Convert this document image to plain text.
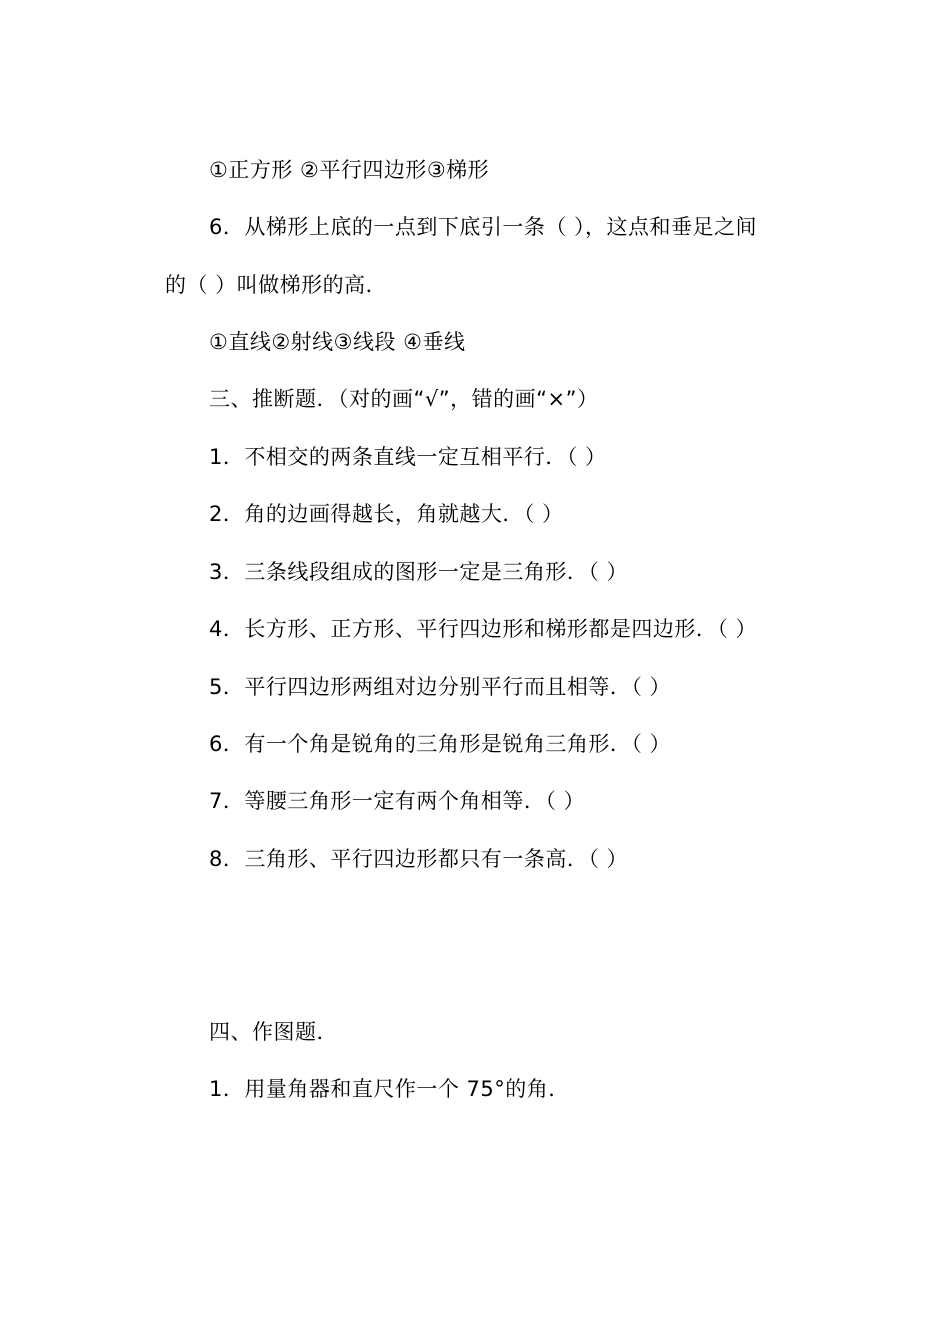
①正方形 ②平行四边形③梯形
6．从梯形上底的一点到下底引一条（ ），这点和垂足之间
的（ ）叫做梯形的高．
①直线②射线③线段 ④垂线
三、推断题．（对的画“√”，错的画“×”）
1．不相交的两条直线一定互相平行．（ ）
2．角的边画得越长，角就越大．（ ）
3．三条线段组成的图形一定是三角形．（ ）
4．长方形、正方形、平行四边形和梯形都是四边形．（ ）
5．平行四边形两组对边分别平行而且相等．（ ）
6．有一个角是锐角的三角形是锐角三角形．（ ）
7．等腰三角形一定有两个角相等．（ ）
8．三角形、平行四边形都只有一条高．（ ）
四、作图题．
1．用量角器和直尺作一个 75°的角．
